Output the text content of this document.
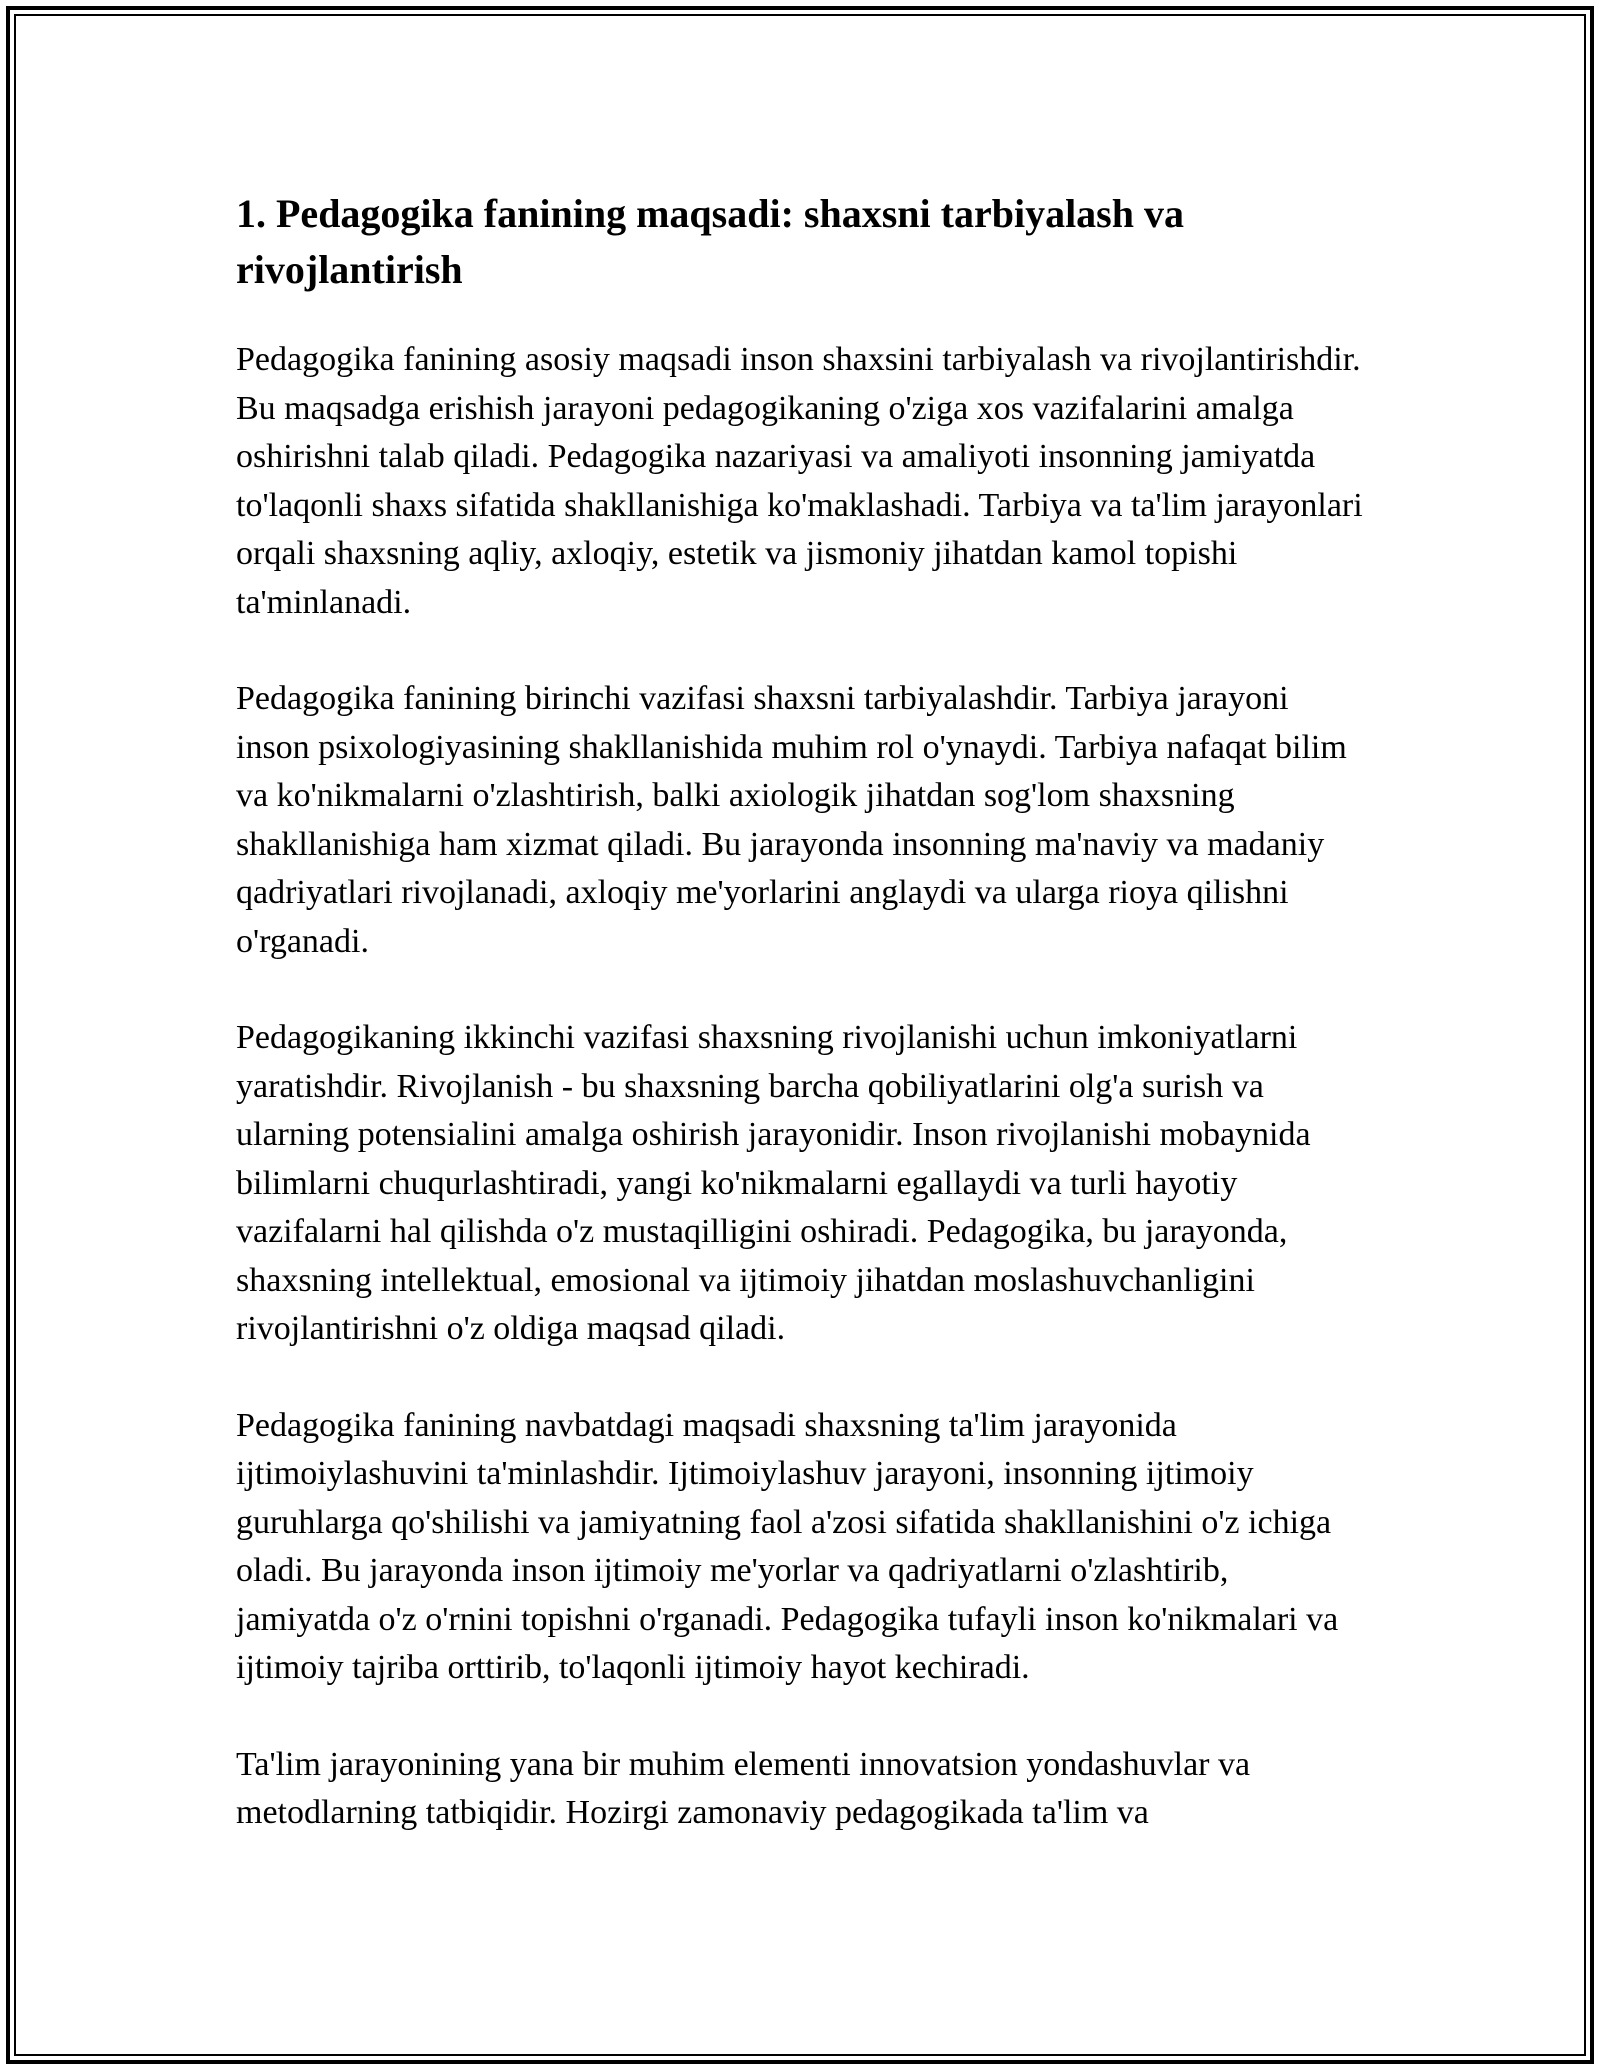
1. Pedagogika fanining maqsadi: shaxsni tarbiyalash va rivojlantirish

Pedagogika fanining asosiy maqsadi inson shaxsini tarbiyalash va rivojlantirishdir. Bu maqsadga erishish jarayoni pedagogikaning o'ziga xos vazifalarini amalga oshirishni talab qiladi. Pedagogika nazariyasi va amaliyoti insonning jamiyatda to'laqonli shaxs sifatida shakllanishiga ko'maklashadi. Tarbiya va ta'lim jarayonlari orqali shaxsning aqliy, axloqiy, estetik va jismoniy jihatdan kamol topishi ta'minlanadi.

Pedagogika fanining birinchi vazifasi shaxsni tarbiyalashdir. Tarbiya jarayoni inson psixologiyasining shakllanishida muhim rol o'ynaydi. Tarbiya nafaqat bilim va ko'nikmalarni o'zlashtirish, balki axiologik jihatdan sog'lom shaxsning shakllanishiga ham xizmat qiladi. Bu jarayonda insonning ma'naviy va madaniy qadriyatlari rivojlanadi, axloqiy me'yorlarini anglaydi va ularga rioya qilishni o'rganadi.

Pedagogikaning ikkinchi vazifasi shaxsning rivojlanishi uchun imkoniyatlarni yaratishdir. Rivojlanish - bu shaxsning barcha qobiliyatlarini olg'a surish va ularning potensialini amalga oshirish jarayonidir. Inson rivojlanishi mobaynida bilimlarni chuqurlashtiradi, yangi ko'nikmalarni egallaydi va turli hayotiy vazifalarni hal qilishda o'z mustaqilligini oshiradi. Pedagogika, bu jarayonda, shaxsning intellektual, emosional va ijtimoiy jihatdan moslashuvchanligini rivojlantirishni o'z oldiga maqsad qiladi.

Pedagogika fanining navbatdagi maqsadi shaxsning ta'lim jarayonida ijtimoiylashuvini ta'minlashdir. Ijtimoiylashuv jarayoni, insonning ijtimoiy guruhlarga qo'shilishi va jamiyatning faol a'zosi sifatida shakllanishini o'z ichiga oladi. Bu jarayonda inson ijtimoiy me'yorlar va qadriyatlarni o'zlashtirib, jamiyatda o'z o'rnini topishni o'rganadi. Pedagogika tufayli inson ko'nikmalari va ijtimoiy tajriba orttirib, to'laqonli ijtimoiy hayot kechiradi.

Ta'lim jarayonining yana bir muhim elementi innovatsion yondashuvlar va metodlarning tatbiqidir. Hozirgi zamonaviy pedagogikada ta'lim va
